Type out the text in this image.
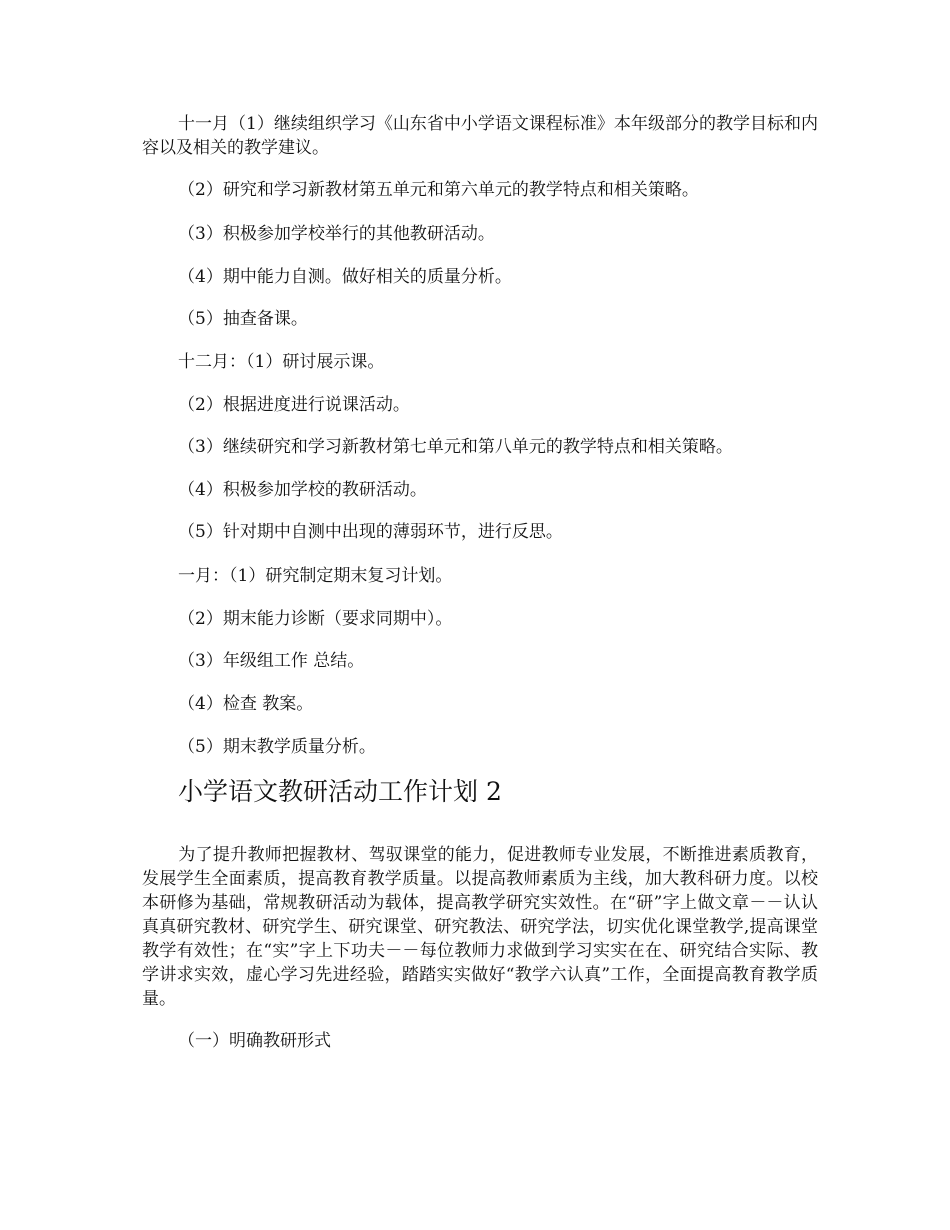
十一月（1）继续组织学习《山东省中小学语文课程标准》本年级部分的教学目标和内容以及相关的教学建议。

（2）研究和学习新教材第五单元和第六单元的教学特点和相关策略。

（3）积极参加学校举行的其他教研活动。

（4）期中能力自测。做好相关的质量分析。

（5）抽查备课。

十二月：（1）研讨展示课。

（2）根据进度进行说课活动。

（3）继续研究和学习新教材第七单元和第八单元的教学特点和相关策略。

（4）积极参加学校的教研活动。

（5）针对期中自测中出现的薄弱环节，进行反思。

一月：（1）研究制定期末复习计划。

（2）期末能力诊断（要求同期中）。

（3）年级组工作 总结。

（4）检查 教案。

（5）期末教学质量分析。

小学语文教研活动工作计划 2

为了提升教师把握教材、驾驭课堂的能力，促进教师专业发展，不断推进素质教育，发展学生全面素质，提高教育教学质量。以提高教师素质为主线，加大教科研力度。以校本研修为基础，常规教研活动为载体，提高教学研究实效性。在“研”字上做文章－－认认真真研究教材、研究学生、研究课堂、研究教法、研究学法，切实优化课堂教学,提高课堂教学有效性；在“实”字上下功夫－－每位教师力求做到学习实实在在、研究结合实际、教学讲求实效，虚心学习先进经验，踏踏实实做好“教学六认真”工作，全面提高教育教学质量。

（一）明确教研形式
